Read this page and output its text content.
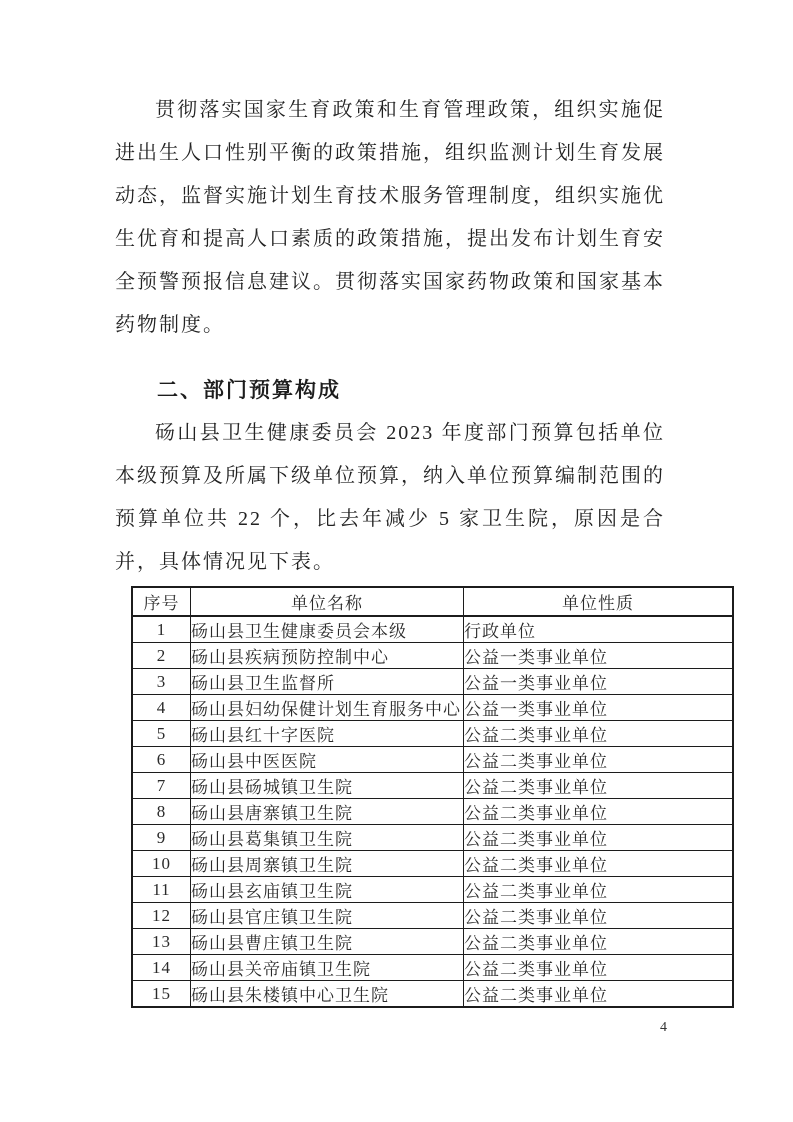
贯彻落实国家生育政策和生育管理政策，组织实施促进出生人口性别平衡的政策措施，组织监测计划生育发展动态，监督实施计划生育技术服务管理制度，组织实施优生优育和提高人口素质的政策措施，提出发布计划生育安全预警预报信息建议。贯彻落实国家药物政策和国家基本药物制度。

二、部门预算构成

砀山县卫生健康委员会 2023 年度部门预算包括单位本级预算及所属下级单位预算，纳入单位预算编制范围的预算单位共 22 个，比去年减少 5 家卫生院，原因是合并，具体情况见下表。

序号	单位名称	单位性质
1	砀山县卫生健康委员会本级	行政单位
2	砀山县疾病预防控制中心	公益一类事业单位
3	砀山县卫生监督所	公益一类事业单位
4	砀山县妇幼保健计划生育服务中心	公益一类事业单位
5	砀山县红十字医院	公益二类事业单位
6	砀山县中医医院	公益二类事业单位
7	砀山县砀城镇卫生院	公益二类事业单位
8	砀山县唐寨镇卫生院	公益二类事业单位
9	砀山县葛集镇卫生院	公益二类事业单位
10	砀山县周寨镇卫生院	公益二类事业单位
11	砀山县玄庙镇卫生院	公益二类事业单位
12	砀山县官庄镇卫生院	公益二类事业单位
13	砀山县曹庄镇卫生院	公益二类事业单位
14	砀山县关帝庙镇卫生院	公益二类事业单位
15	砀山县朱楼镇中心卫生院	公益二类事业单位
4
